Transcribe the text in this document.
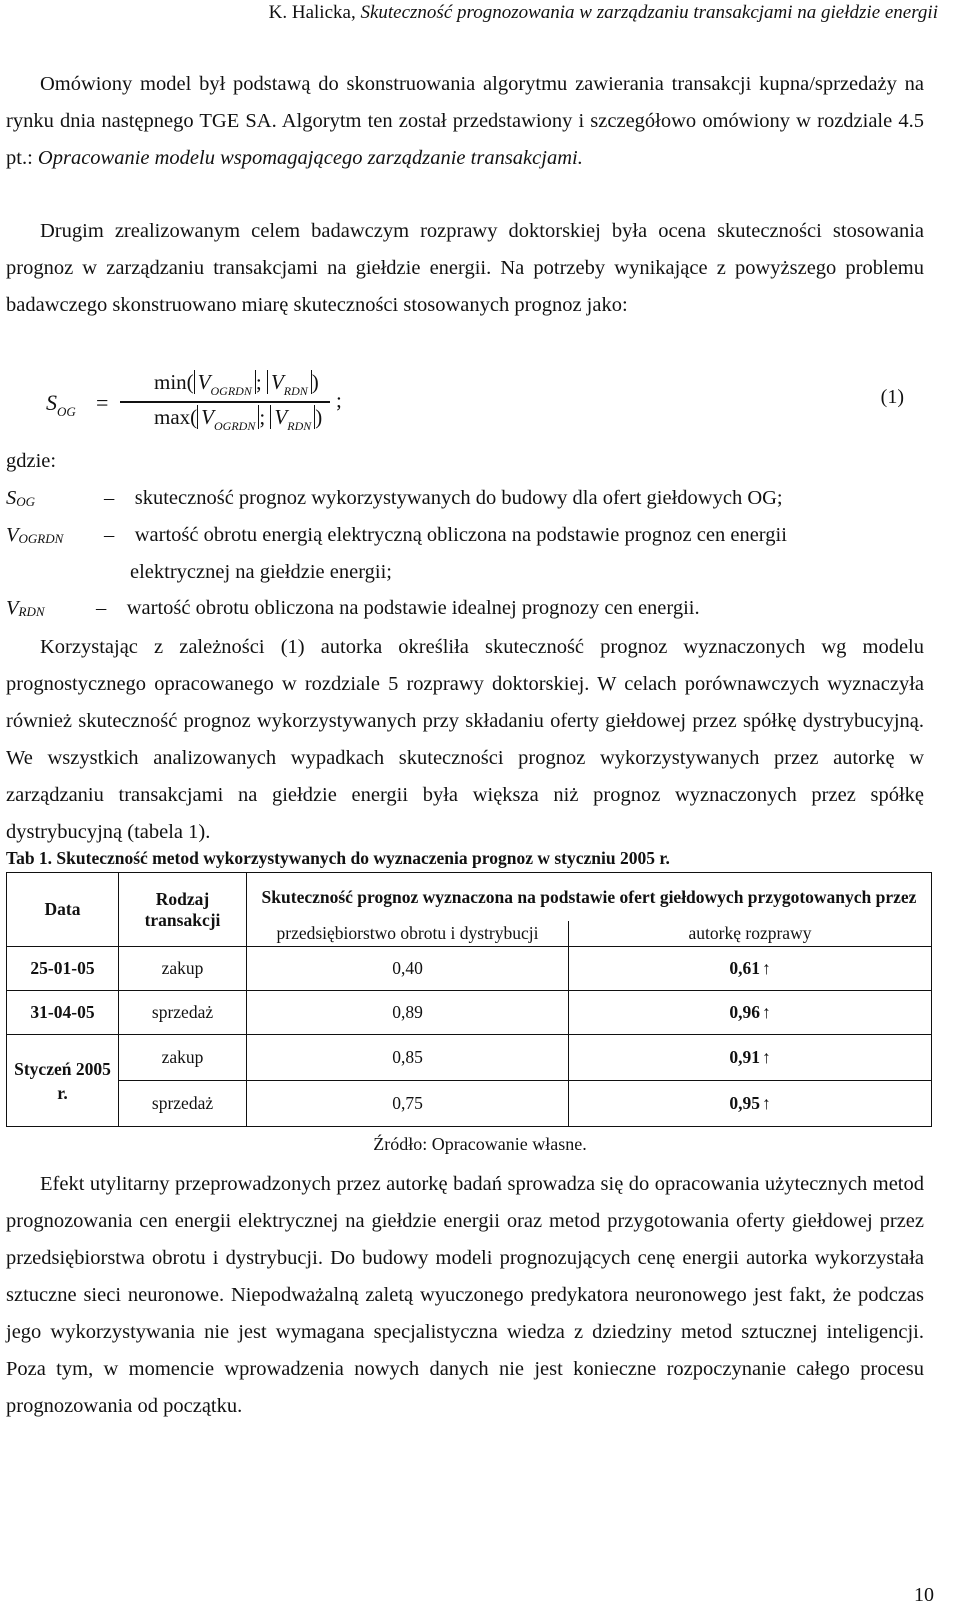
K. Halicka, Skuteczność prognozowania w zarządzaniu transakcjami na giełdzie energii
Omówiony model był podstawą do skonstruowania algorytmu zawierania transakcji kupna/sprzedaży na rynku dnia następnego TGE SA. Algorytm ten został przedstawiony i szczegółowo omówiony w rozdziale 4.5 pt.: Opracowanie modelu wspomagającego zarządzanie transakcjami.
Drugim zrealizowanym celem badawczym rozprawy doktorskiej była ocena skuteczności stosowania prognoz w zarządzaniu transakcjami na giełdzie energii. Na potrzeby wynikające z powyższego problemu badawczego skonstruowano miarę skuteczności stosowanych prognoz jako:
$S_{OG}$ =
min( $V_{OGRDN}$ ; $V_{RDN}$ )
max( $V_{OGRDN}$ ; $V_{RDN}$ )
;	(1)
gdzie:
$S_{OG}$	– skuteczność prognoz wykorzystywanych do budowy dla ofert giełdowych OG;
$V_{OGRDN}$ – wartość obrotu energią elektryczną obliczona na podstawie prognoz cen energii
elektrycznej na giełdzie energii;
$V_{RDN}$	– wartość obrotu obliczona na podstawie idealnej prognozy cen energii.
Korzystając z zależności (1) autorka określiła skuteczność prognoz wyznaczonych wg modelu prognostycznego opracowanego w rozdziale 5 rozprawy doktorskiej. W celach porównawczych wyznaczyła również skuteczność prognoz wykorzystywanych przy składaniu oferty giełdowej przez spółkę dystrybucyjną. We wszystkich analizowanych wypadkach skuteczności prognoz wykorzystywanych przez autorkę w zarządzaniu transakcjami na giełdzie energii była większa niż prognoz wyznaczonych przez spółkę dystrybucyjną (tabela 1).
Tab 1. Skuteczność metod wykorzystywanych do wyznaczenia prognoz w styczniu 2005 r.
Data	Rodzaj transakcji	Skuteczność prognoz wyznaczona na podstawie ofert giełdowych przygotowanych przez	
		przedsiębiorstwo obrotu i dystrybucji	autorkę rozprawy
25-01-05	zakup	0,40	0,61 ↑
31-04-05	sprzedaż	0,89	0,96 ↑
Styczeń 2005 r.	zakup	0,85	0,91 ↑
	sprzedaż	0,75	0,95 ↑
Źródło: Opracowanie własne.
Efekt utylitarny przeprowadzonych przez autorkę badań sprowadza się do opracowania użytecznych metod prognozowania cen energii elektrycznej na giełdzie energii oraz metod przygotowania oferty giełdowej przez przedsiębiorstwa obrotu i dystrybucji. Do budowy modeli prognozujących cenę energii autorka wykorzystała sztuczne sieci neuronowe. Niepodważalną zaletą wyuczonego predykatora neuronowego jest fakt, że podczas jego wykorzystywania nie jest wymagana specjalistyczna wiedza z dziedziny metod sztucznej inteligencji. Poza tym, w momencie wprowadzenia nowych danych nie jest konieczne rozpoczynanie całego procesu prognozowania od początku.
10
